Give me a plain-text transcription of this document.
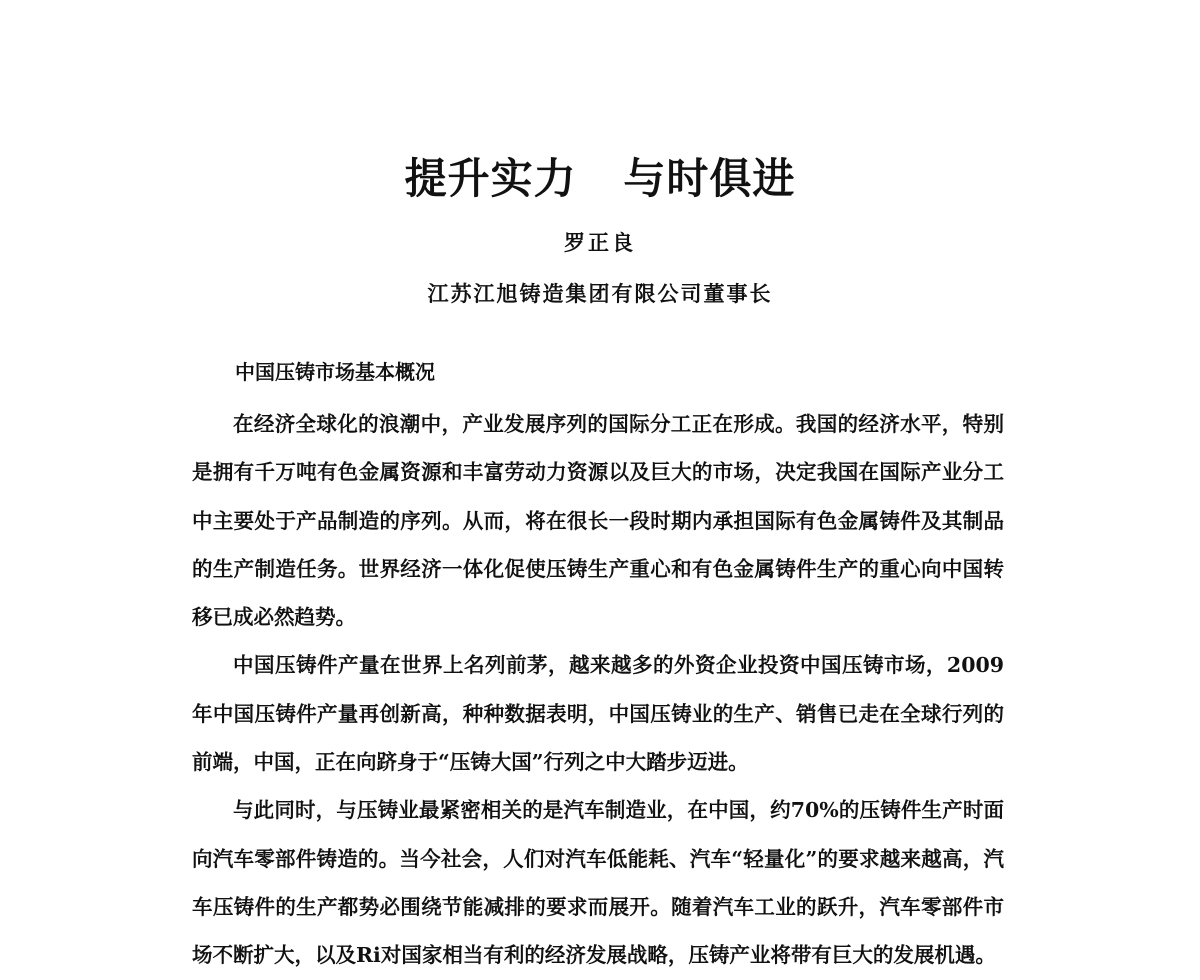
提升实力   与时俱进
罗正良
江苏江旭铸造集团有限公司董事长
中国压铸市场基本概况

在经济全球化的浪潮中，产业发展序列的国际分工正在形成。我国的经济水平，特别是拥有千万吨有色金属资源和丰富劳动力资源以及巨大的市场，决定我国在国际产业分工中主要处于产品制造的序列。从而，将在很长一段时期内承担国际有色金属铸件及其制品的生产制造任务。世界经济一体化促使压铸生产重心和有色金属铸件生产的重心向中国转移已成必然趋势。

中国压铸件产量在世界上名列前茅，越来越多的外资企业投资中国压铸市场，2009年中国压铸件产量再创新高，种种数据表明，中国压铸业的生产、销售已走在全球行列的前端，中国，正在向跻身于“压铸大国”行列之中大踏步迈进。

与此同时，与压铸业最紧密相关的是汽车制造业，在中国，约70%的压铸件生产时面向汽车零部件铸造的。当今社会，人们对汽车低能耗、汽车“轻量化”的要求越来越高，汽车压铸件的生产都势必围绕节能减排的要求而展开。随着汽车工业的跃升，汽车零部件市场不断扩大，以及Ri对国家相当有利的经济发展战略，压铸产业将带有巨大的发展机遇。
